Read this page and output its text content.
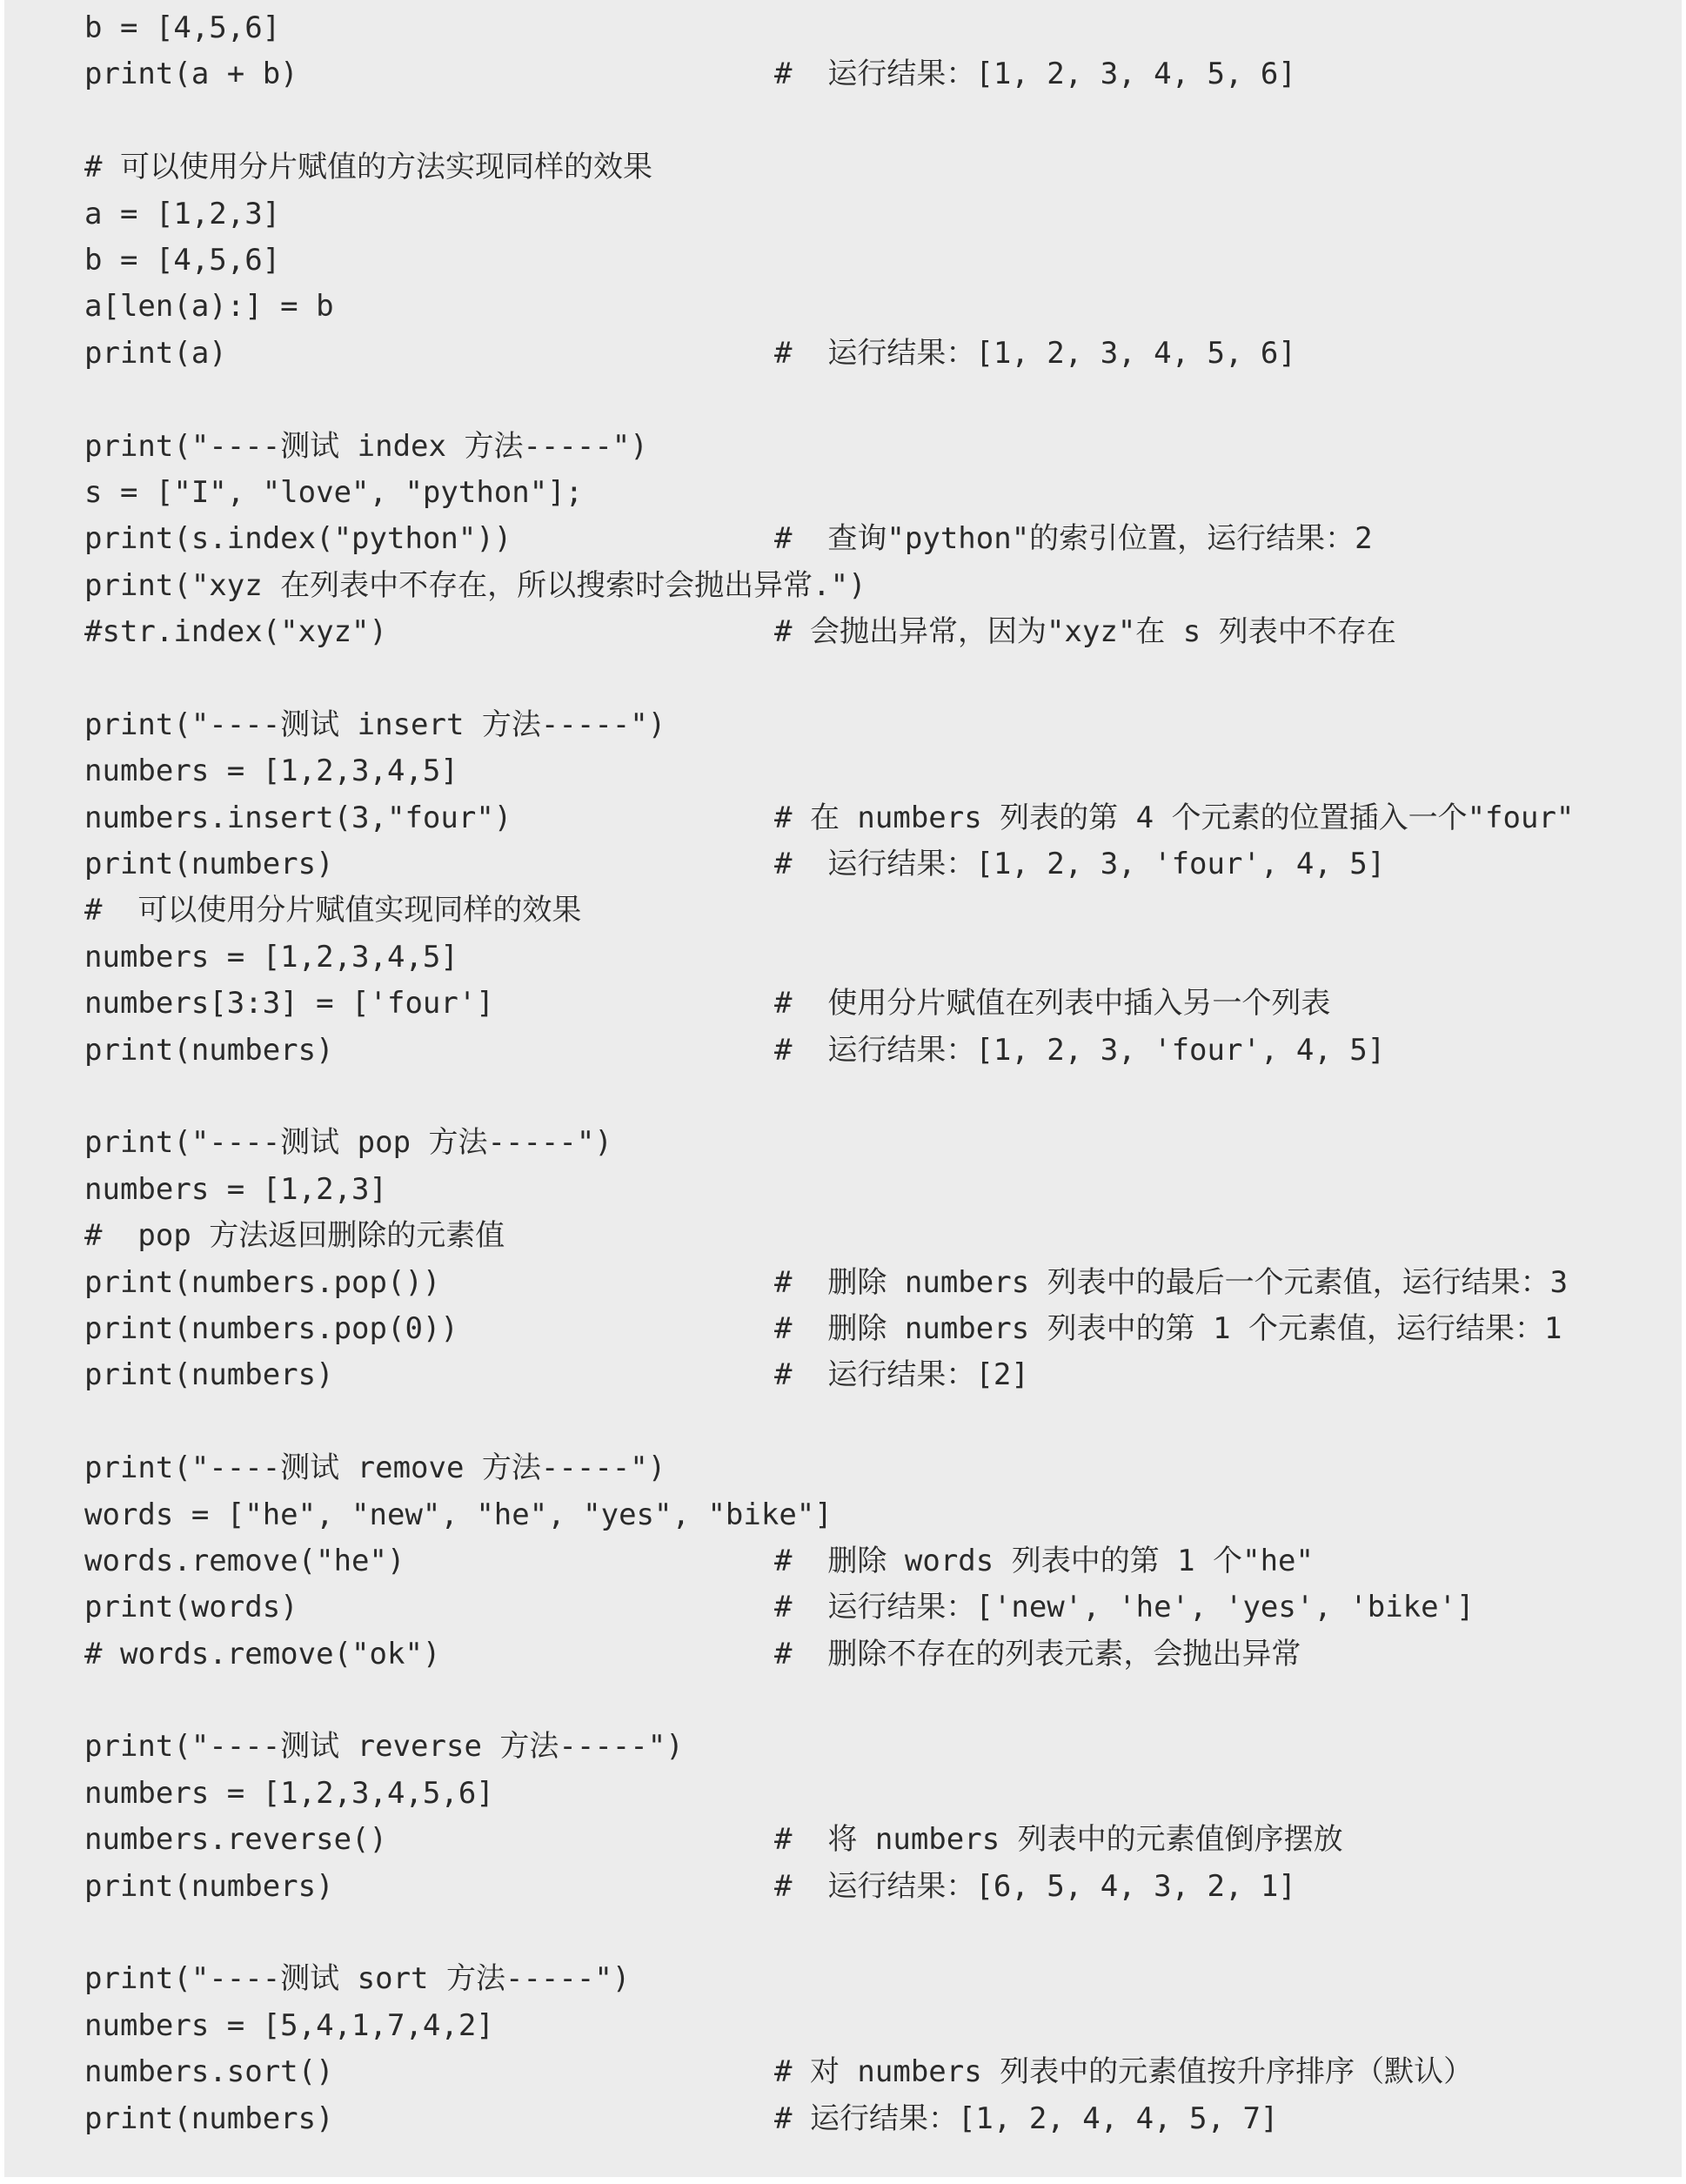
b = [4,5,6]
print(a + b)	#  运行结果：[1, 2, 3, 4, 5, 6]
# 可以使用分片赋值的方法实现同样的效果
a = [1,2,3]
b = [4,5,6]
a[len(a):] = b
print(a)	#  运行结果：[1, 2, 3, 4, 5, 6]
print("----测试 index 方法-----")
s = ["I", "love", "python"];
print(s.index("python"))	#  查询"python"的索引位置，运行结果：2
print("xyz 在列表中不存在，所以搜索时会抛出异常.")
#str.index("xyz")	# 会抛出异常，因为"xyz"在 s 列表中不存在
print("----测试 insert 方法-----")
numbers = [1,2,3,4,5]
numbers.insert(3,"four")	# 在 numbers 列表的第 4 个元素的位置插入一个"four"
print(numbers)	#  运行结果：[1, 2, 3, 'four', 4, 5]
#  可以使用分片赋值实现同样的效果
numbers = [1,2,3,4,5]
numbers[3:3] = ['four']	#  使用分片赋值在列表中插入另一个列表
print(numbers)	#  运行结果：[1, 2, 3, 'four', 4, 5]
print("----测试 pop 方法-----")
numbers = [1,2,3]
#  pop 方法返回删除的元素值
print(numbers.pop())	#  删除 numbers 列表中的最后一个元素值，运行结果：3
print(numbers.pop(0))	#  删除 numbers 列表中的第 1 个元素值，运行结果：1
print(numbers)	#  运行结果：[2]
print("----测试 remove 方法-----")
words = ["he", "new", "he", "yes", "bike"]
words.remove("he")	#  删除 words 列表中的第 1 个"he"
print(words)	#  运行结果：['new', 'he', 'yes', 'bike']
# words.remove("ok")	#  删除不存在的列表元素，会抛出异常
print("----测试 reverse 方法-----")
numbers = [1,2,3,4,5,6]
numbers.reverse()	#  将 numbers 列表中的元素值倒序摆放
print(numbers)	#  运行结果：[6, 5, 4, 3, 2, 1]
print("----测试 sort 方法-----")
numbers = [5,4,1,7,4,2]
numbers.sort()	# 对 numbers 列表中的元素值按升序排序（默认）
print(numbers)	# 运行结果：[1, 2, 4, 4, 5, 7]
